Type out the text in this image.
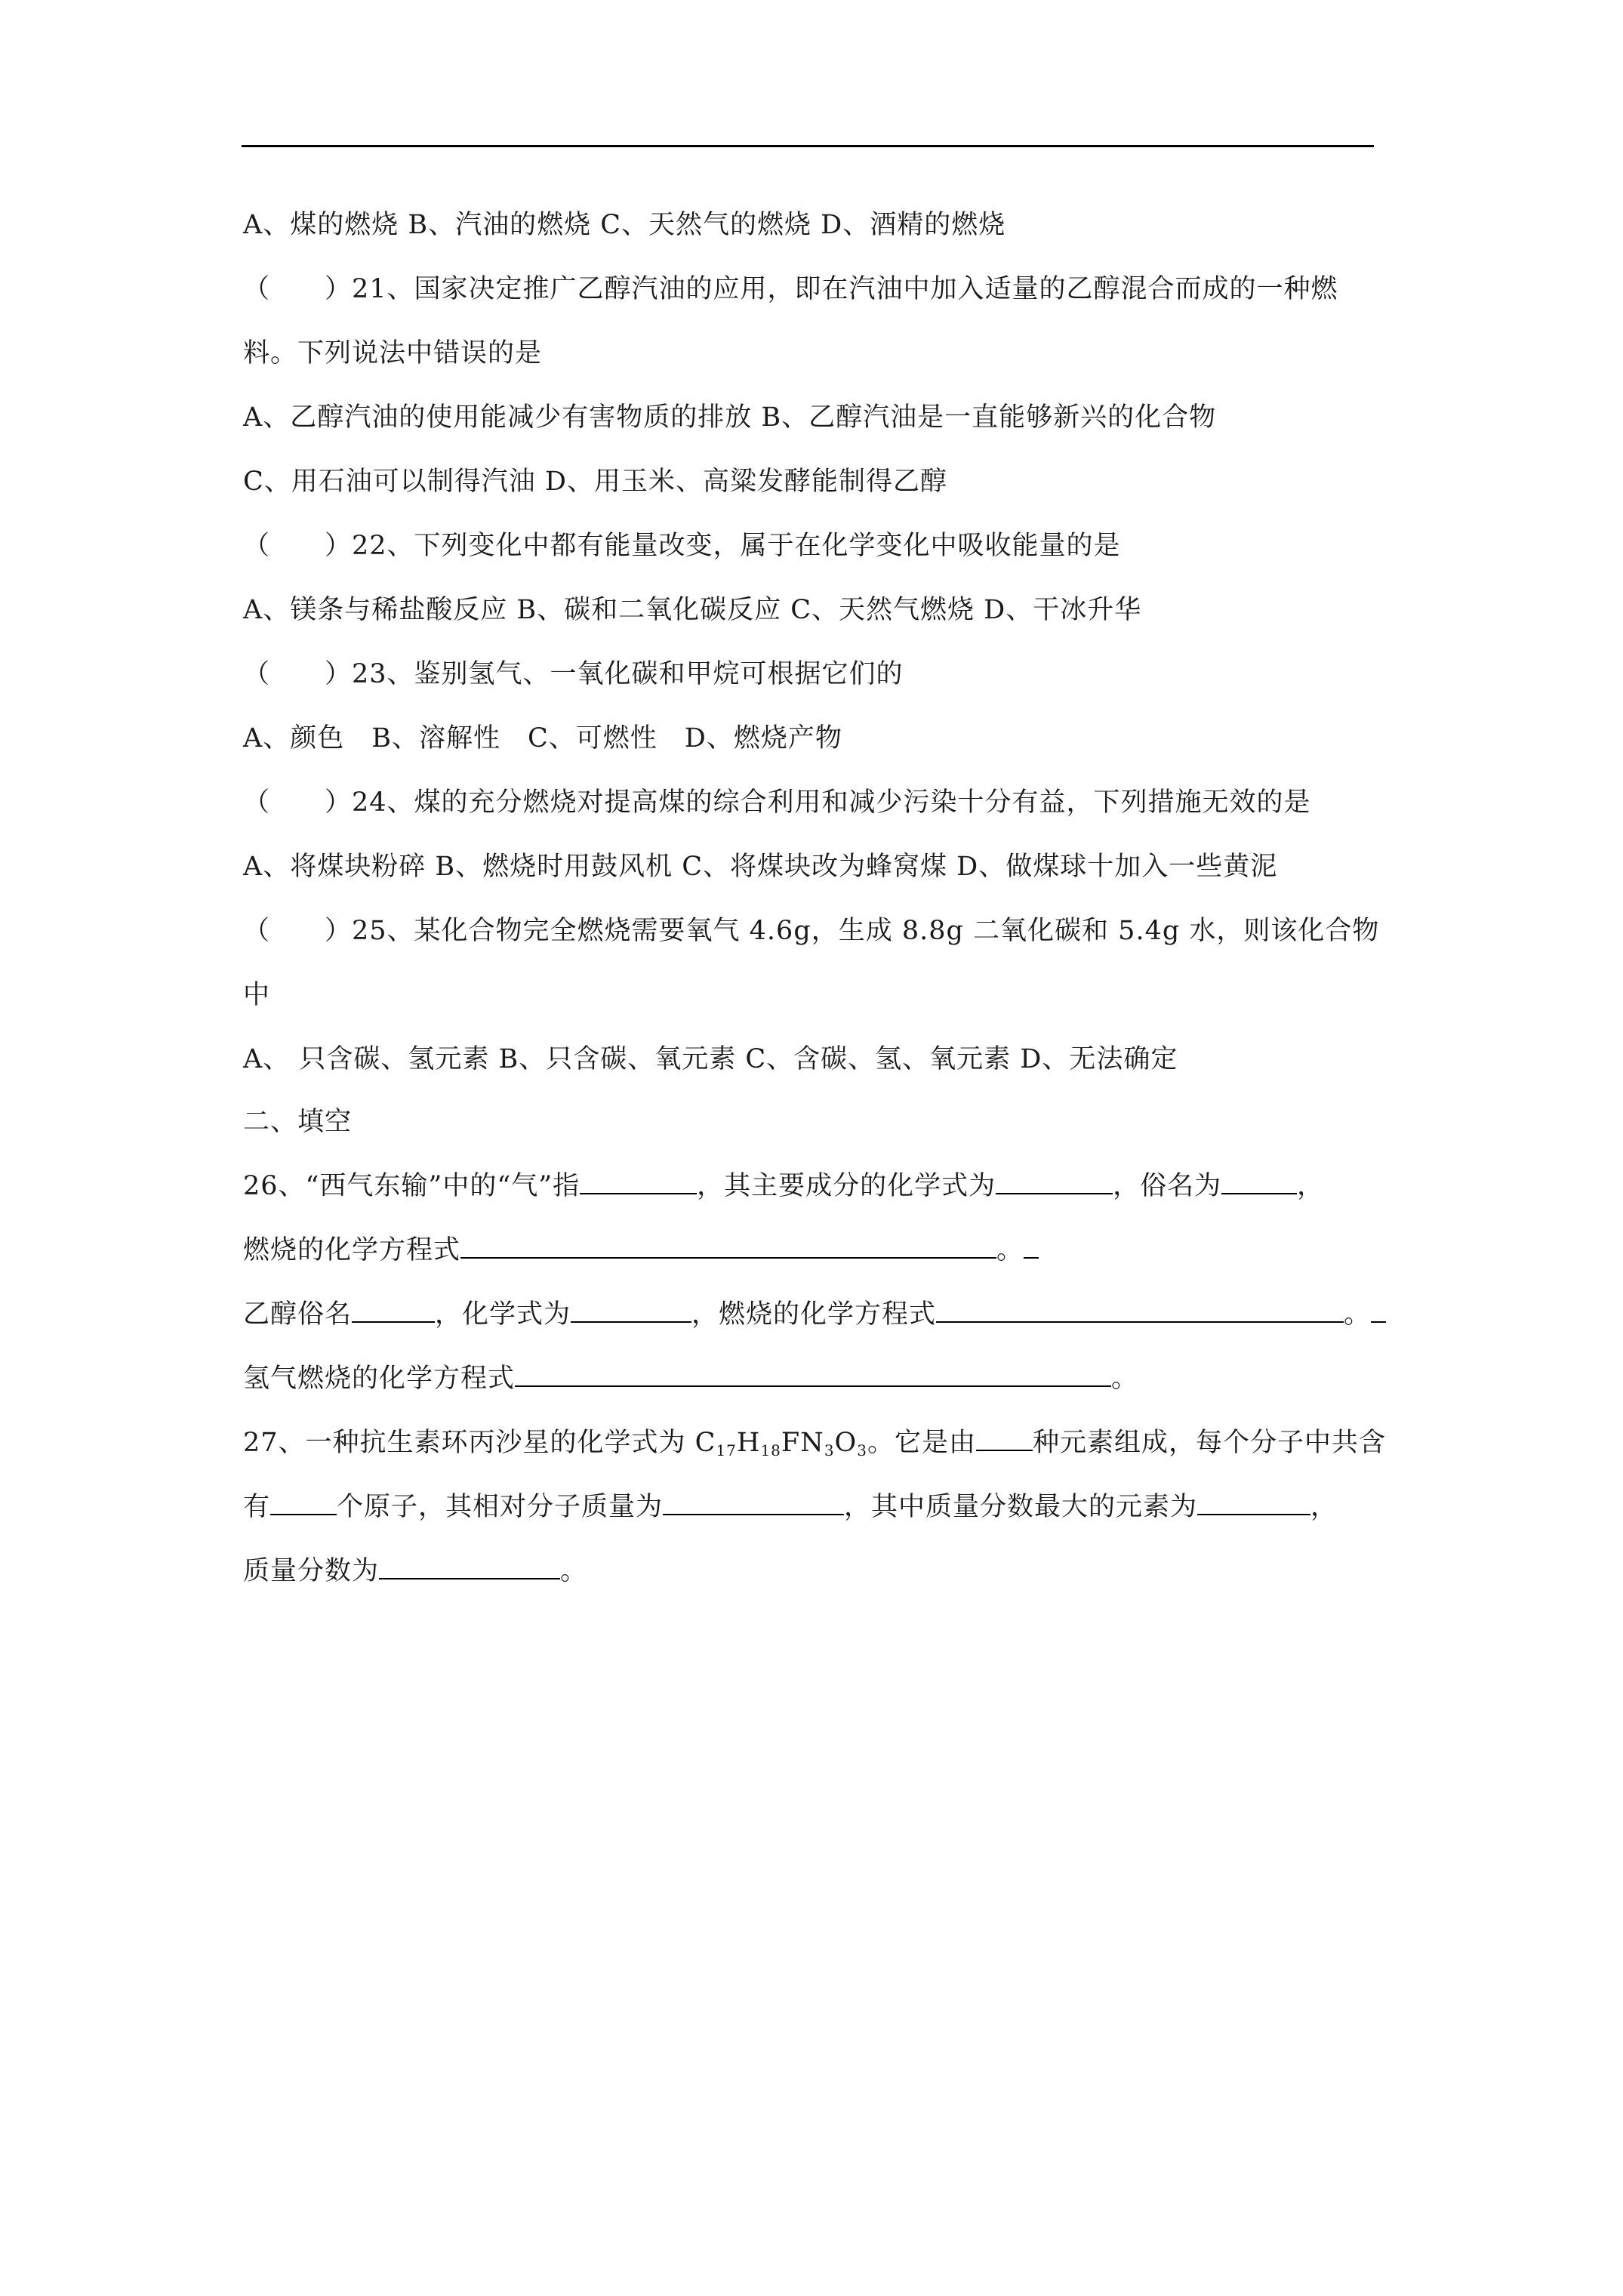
A、煤的燃烧 B、汽油的燃烧 C、天然气的燃烧 D、酒精的燃烧
（　　）21、国家决定推广乙醇汽油的应用，即在汽油中加入适量的乙醇混合而成的一种燃
料。下列说法中错误的是
A、乙醇汽油的使用能减少有害物质的排放 B、乙醇汽油是一直能够新兴的化合物
C、用石油可以制得汽油 D、用玉米、高粱发酵能制得乙醇
（　　）22、下列变化中都有能量改变，属于在化学变化中吸收能量的是
A、镁条与稀盐酸反应 B、碳和二氧化碳反应 C、天然气燃烧 D、干冰升华
（　　）23、鉴别氢气、一氧化碳和甲烷可根据它们的
A、颜色　B、溶解性　C、可燃性　D、燃烧产物
（　　）24、煤的充分燃烧对提高煤的综合利用和减少污染十分有益，下列措施无效的是
A、将煤块粉碎 B、燃烧时用鼓风机 C、将煤块改为蜂窝煤 D、做煤球十加入一些黄泥
（　　）25、某化合物完全燃烧需要氧气 4.6g，生成 8.8g 二氧化碳和 5.4g 水，则该化合物
中
A、 只含碳、氢元素 B、只含碳、氧元素 C、含碳、氢、氧元素 D、无法确定
二、填空
26、“西气东输”中的“气”指	，其主要成分的化学式为	，俗名为	，
燃烧的化学方程式	。
乙醇俗名	，化学式为	，燃烧的化学方程式	。
氢气燃烧的化学方程式	。
27、一种抗生素环丙沙星的化学式为 $C_{17}H_{18}FN_3O_3$。它是由 种元素组成，每个分子中共含
有	个原子，其相对分子质量为	，其中质量分数最大的元素为	，
质量分数为	。
